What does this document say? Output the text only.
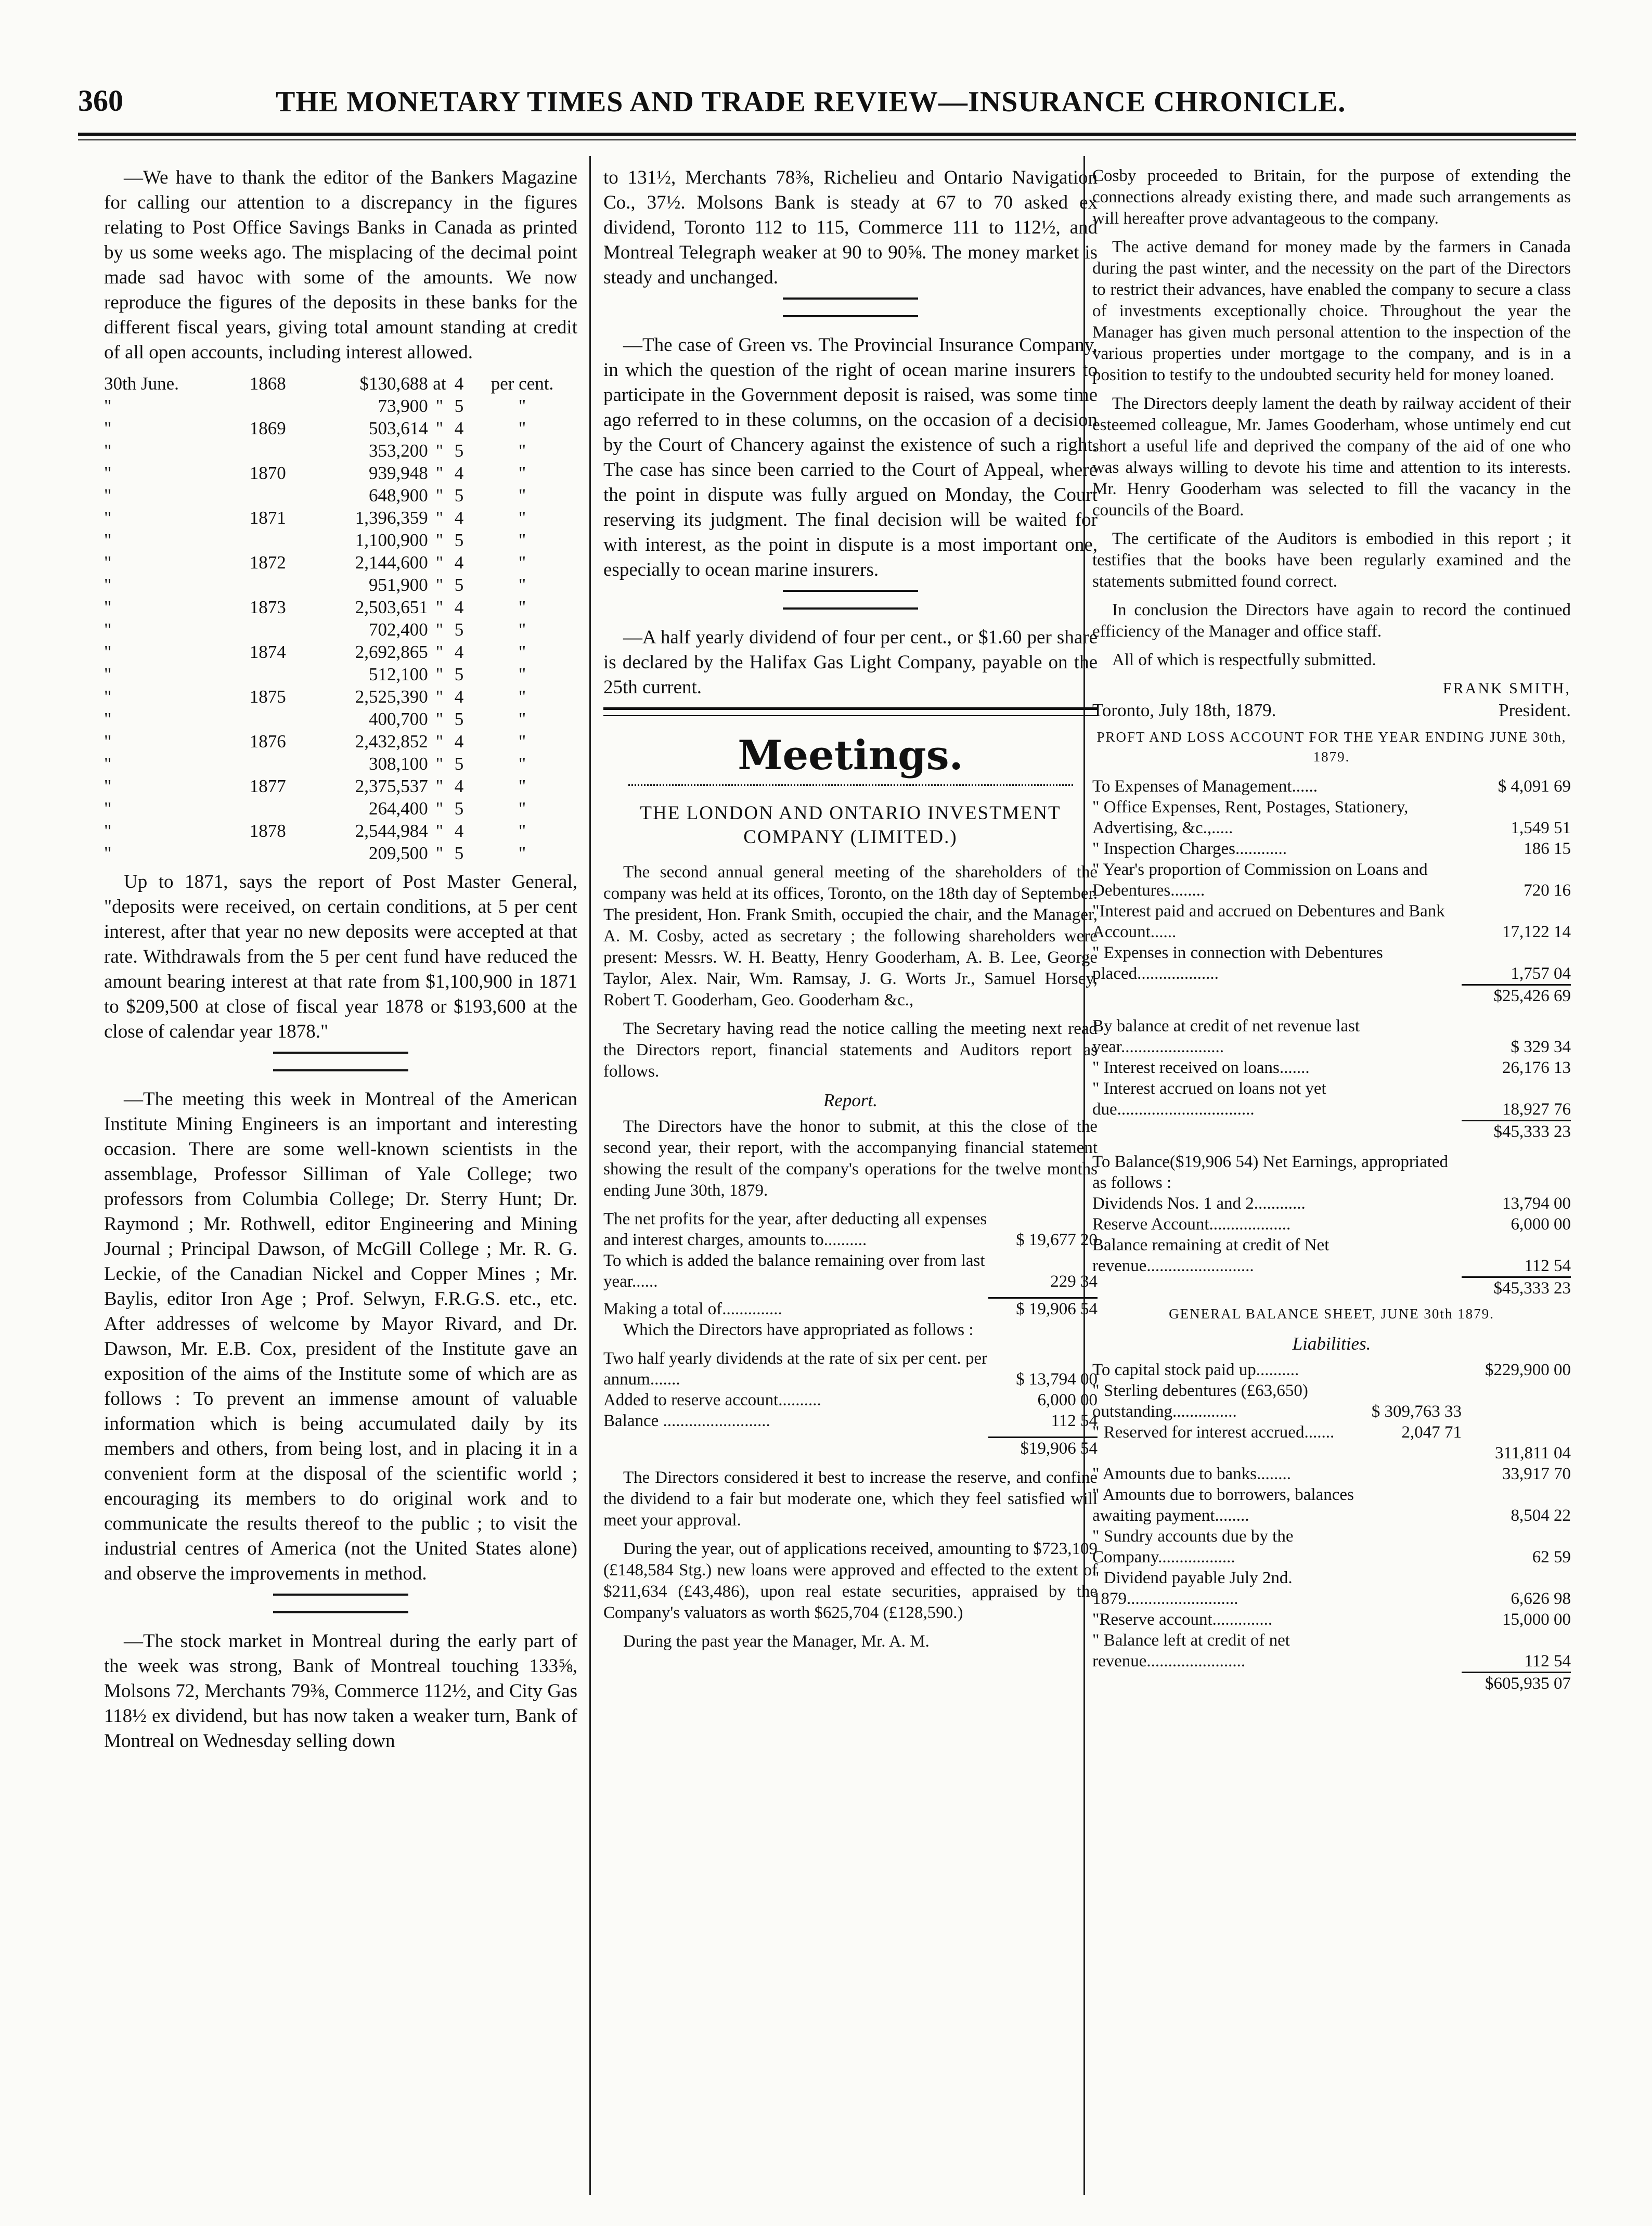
360	THE MONETARY TIMES AND TRADE REVIEW—INSURANCE CHRONICLE.

—We have to thank the editor of the Bankers Magazine for calling our attention to a discrepancy in the figures relating to Post Office Savings Banks in Canada as printed by us some weeks ago. The misplacing of the decimal point made sad havoc with some of the amounts. We now reproduce the figures of the deposits in these banks for the different fiscal years, giving total amount standing at credit of all open accounts, including interest allowed.

30th June.	1868	$130,688	at	4	per cent.
"		73,900	"	5	"
"	1869	503,614	"	4	"
"		353,200	"	5	"
"	1870	939,948	"	4	"
"		648,900	"	5	"
"	1871	1,396,359	"	4	"
"		1,100,900	"	5	"
"	1872	2,144,600	"	4	"
"		951,900	"	5	"
"	1873	2,503,651	"	4	"
"		702,400	"	5	"
"	1874	2,692,865	"	4	"
"		512,100	"	5	"
"	1875	2,525,390	"	4	"
"		400,700	"	5	"
"	1876	2,432,852	"	4	"
"		308,100	"	5	"
"	1877	2,375,537	"	4	"
"		264,400	"	5	"
"	1878	2,544,984	"	4	"
"		209,500	"	5	"

Up to 1871, says the report of Post Master General, "deposits were received, on certain conditions, at 5 per cent interest, after that year no new deposits were accepted at that rate. Withdrawals from the 5 per cent fund have reduced the amount bearing interest at that rate from $1,100,900 in 1871 to $209,500 at close of fiscal year 1878 or $193,600 at the close of calendar year 1878."

—The meeting this week in Montreal of the American Institute Mining Engineers is an important and interesting occasion. There are some well-known scientists in the assemblage, Professor Silliman of Yale College; two professors from Columbia College; Dr. Sterry Hunt; Dr. Raymond ; Mr. Rothwell, editor Engineering and Mining Journal ; Principal Dawson, of McGill College ; Mr. R. G. Leckie, of the Canadian Nickel and Copper Mines ; Mr. Baylis, editor Iron Age ; Prof. Selwyn, F.R.G.S. etc., etc. After addresses of welcome by Mayor Rivard, and Dr. Dawson, Mr. E.B. Cox, president of the Institute gave an exposition of the aims of the Institute some of which are as follows : To prevent an immense amount of valuable information which is being accumulated daily by its members and others, from being lost, and in placing it in a convenient form at the disposal of the scientific world ; encouraging its members to do original work and to communicate the results thereof to the public ; to visit the industrial centres of America (not the United States alone) and observe the improvements in method.

—The stock market in Montreal during the early part of the week was strong, Bank of Montreal touching 133⅝, Molsons 72, Merchants 79⅜, Commerce 112½, and City Gas 118½ ex dividend, but has now taken a weaker turn, Bank of Montreal on Wednesday selling down

to 131½, Merchants 78⅜, Richelieu and Ontario Navigation Co., 37½. Molsons Bank is steady at 67 to 70 asked ex dividend, Toronto 112 to 115, Commerce 111 to 112½, and Montreal Telegraph weaker at 90 to 90⅝. The money market is steady and unchanged.

—The case of Green vs. The Provincial Insurance Company, in which the question of the right of ocean marine insurers to participate in the Government deposit is raised, was some time ago referred to in these columns, on the occasion of a decision by the Court of Chancery against the existence of such a right. The case has since been carried to the Court of Appeal, where the point in dispute was fully argued on Monday, the Court reserving its judgment. The final decision will be waited for with interest, as the point in dispute is a most important one, especially to ocean marine insurers.

—A half yearly dividend of four per cent., or $1.60 per share is declared by the Halifax Gas Light Company, payable on the 25th current.

Meetings.
THE LONDON AND ONTARIO INVESTMENT COMPANY (LIMITED.)

The second annual general meeting of the shareholders of the company was held at its offices, Toronto, on the 18th day of September. The president, Hon. Frank Smith, occupied the chair, and the Manager, A. M. Cosby, acted as secretary ; the following shareholders were present: Messrs. W. H. Beatty, Henry Gooderham, A. B. Lee, George Taylor, Alex. Nair, Wm. Ramsay, J. G. Worts Jr., Samuel Horsey, Robert T. Gooderham, Geo. Gooderham &c.,

The Secretary having read the notice calling the meeting next read the Directors report, financial statements and Auditors report as follows.

Report.

The Directors have the honor to submit, at this the close of the second year, their report, with the accompanying financial statement showing the result of the company's operations for the twelve months ending June 30th, 1879.

The net profits for the year, after deducting all expenses and interest charges, amounts to..........	$ 19,677 20
To which is added the balance remaining over from last year......	229 34
Making a total of..............	$ 19,906 54

Which the Directors have appropriated as follows :

Two half yearly dividends at the rate of six per cent. per annum.......	$ 13,794 00
Added to reserve account..........	6,000 00
Balance .........................	112 54
	$19,906 54

The Directors considered it best to increase the reserve, and confine the dividend to a fair but moderate one, which they feel satisfied will meet your approval.

During the year, out of applications received, amounting to $723,109 (£148,584 Stg.) new loans were approved and effected to the extent of $211,634 (£43,486), upon real estate securities, appraised by the Company's valuators as worth $625,704 (£128,590.)

During the past year the Manager, Mr. A. M.

Cosby proceeded to Britain, for the purpose of extending the connections already existing there, and made such arrangements as will hereafter prove advantageous to the company.

The active demand for money made by the farmers in Canada during the past winter, and the necessity on the part of the Directors to restrict their advances, have enabled the company to secure a class of investments exceptionally choice. Throughout the year the Manager has given much personal attention to the inspection of the various properties under mortgage to the company, and is in a position to testify to the undoubted security held for money loaned.

The Directors deeply lament the death by railway accident of their esteemed colleague, Mr. James Gooderham, whose untimely end cut short a useful life and deprived the company of the aid of one who was always willing to devote his time and attention to its interests. Mr. Henry Gooderham was selected to fill the vacancy in the councils of the Board.

The certificate of the Auditors is embodied in this report ; it testifies that the books have been regularly examined and the statements submitted found correct.

In conclusion the Directors have again to record the continued efficiency of the Manager and office staff.

All of which is respectfully submitted.

FRANK SMITH,
Toronto, July 18th, 1879.	President.
PROFT AND LOSS ACCOUNT FOR THE YEAR ENDING JUNE 30th, 1879.
To Expenses of Management......	$ 4,091 69
" Office Expenses, Rent, Postages, Stationery, Advertising, &c.,.....	1,549 51
" Inspection Charges............	186 15
" Year's proportion of Commission on Loans and Debentures........	720 16
"Interest paid and accrued on Debentures and Bank Account......	17,122 14
" Expenses in connection with Debentures placed...................	1,757 04
	$25,426 69

By balance at credit of net revenue last year........................	$ 329 34
" Interest received on loans.......	26,176 13
" Interest accrued on loans not yet due................................	18,927 76
	$45,333 23

To Balance($19,906 54) Net Earnings, appropriated as follows :	
Dividends Nos. 1 and 2............	13,794 00
Reserve Account...................	6,000 00
Balance remaining at credit of Net revenue.........................	112 54
	$45,333 23
GENERAL BALANCE SHEET, JUNE 30th 1879.
Liabilities.
To capital stock paid up..........		$229,900 00
" Sterling debentures (£63,650) outstanding...............	$ 309,763 33	
" Reserved for interest accrued.......	2,047 71	
		311,811 04
" Amounts due to banks........		33,917 70
" Amounts due to borrowers, balances awaiting payment........		8,504 22
" Sundry accounts due by the Company..................		62 59
" Dividend payable July 2nd. 1879..........................		6,626 98
"Reserve account..............		15,000 00
" Balance left at credit of net revenue.......................		112 54
	$605,935 07
